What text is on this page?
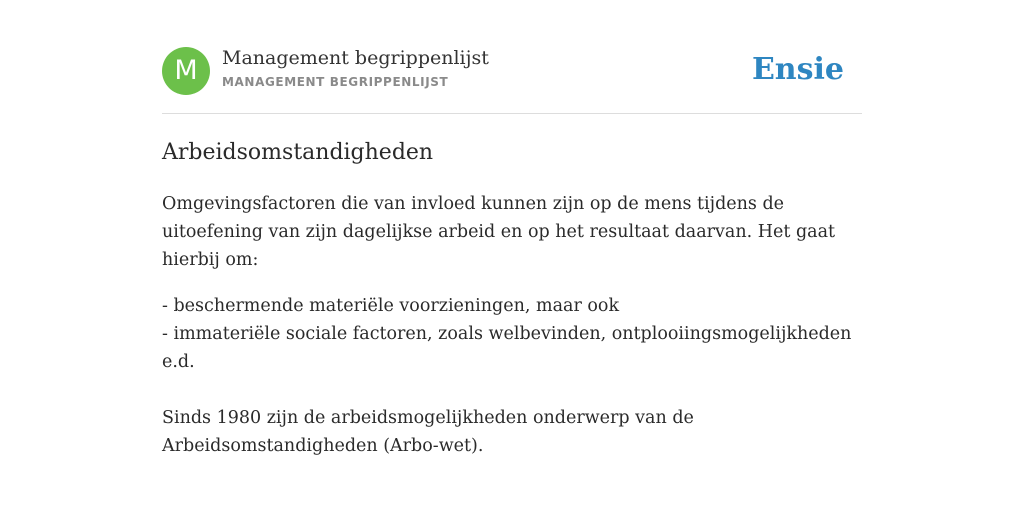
M	Management begrippenlijst
MANAGEMENT BEGRIPPENLIJST	Ensie
Arbeidsomstandigheden

Omgevingsfactoren die van invloed kunnen zijn op de mens tijdens de uitoefening van zijn dagelijkse arbeid en op het resultaat daarvan. Het gaat hierbij om:

- beschermende materiële voorzieningen, maar ook
- immateriële sociale factoren, zoals welbevinden, ontplooiingsmogelijkheden e.d.
Sinds 1980 zijn de arbeidsmogelijkheden onderwerp van de Arbeidsomstandigheden (Arbo-wet).
